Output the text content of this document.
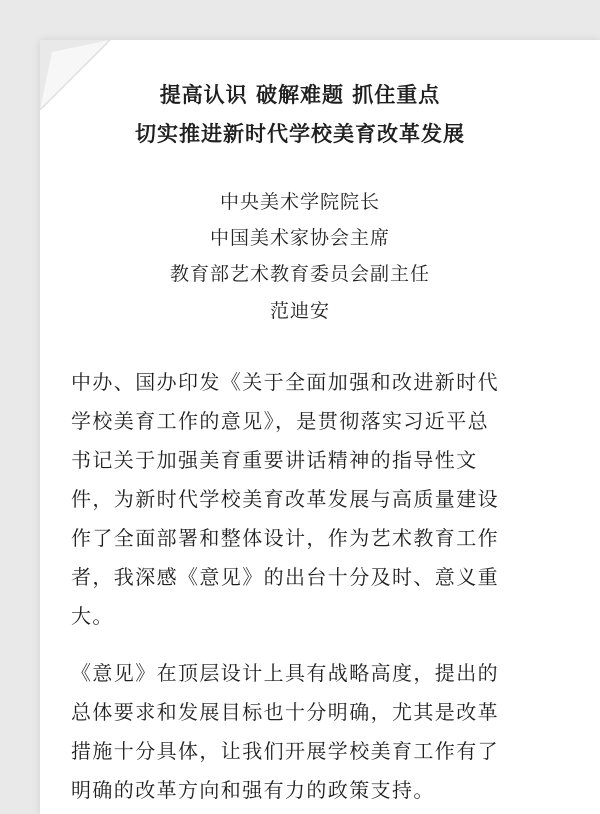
提高认识 破解难题 抓住重点
切实推进新时代学校美育改革发展
中央美术学院院长
中国美术家协会主席
教育部艺术教育委员会副主任
范迪安
中办、国办印发《关于全面加强和改进新时代
学校美育工作的意见》，是贯彻落实习近平总
书记关于加强美育重要讲话精神的指导性文
件，为新时代学校美育改革发展与高质量建设
作了全面部署和整体设计，作为艺术教育工作
者，我深感《意见》的出台十分及时、意义重
大。
《意见》在顶层设计上具有战略高度，提出的
总体要求和发展目标也十分明确，尤其是改革
措施十分具体，让我们开展学校美育工作有了
明确的改革方向和强有力的政策支持。
